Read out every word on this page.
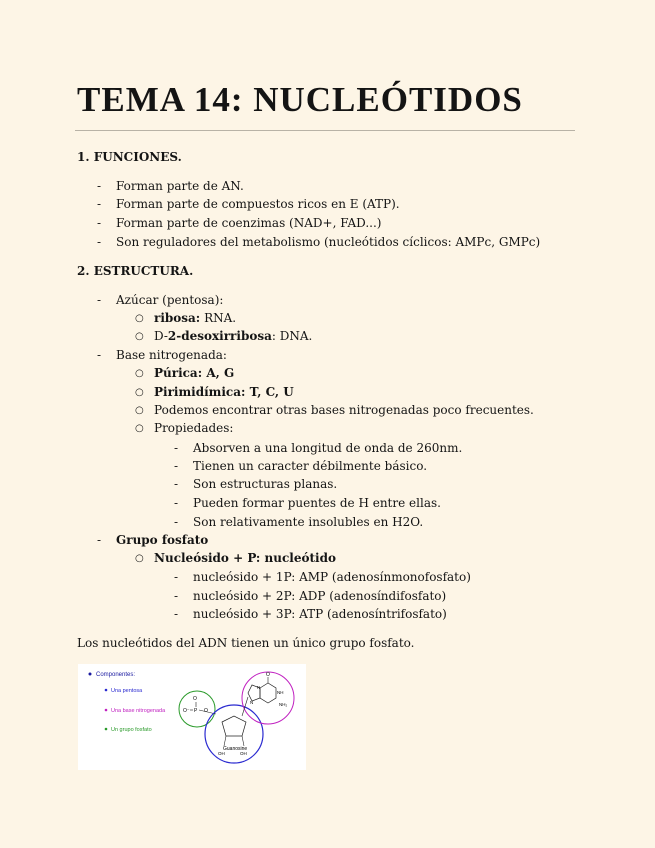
TEMA 14: NUCLEÓTIDOS
1. FUNCIONES.
- Forman parte de AN.
- Forman parte de compuestos ricos en E (ATP).
- Forman parte de coenzimas (NAD+, FAD...)
- Son reguladores del metabolismo (nucleótidos cíclicos: AMPc, GMPc)
2. ESTRUCTURA.
- Azúcar (pentosa):
○ ribosa: RNA.
○ D-2-desoxirribosa: DNA.
- Base nitrogenada:
○ Púrica: A, G
○ Pirimidímica: T, C, U
○ Podemos encontrar otras bases nitrogenadas poco frecuentes.
○ Propiedades:
- Absorven a una longitud de onda de 260nm.
- Tienen un caracter débilmente básico.
- Son estructuras planas.
- Pueden formar puentes de H entre ellas.
- Son relativamente insolubles en H2O.
- Grupo fosfato
○ Nucleósido + P: nucleótido
- nucleósido + 1P: AMP (adenosínmonofosfato)
- nucleósido + 2P: ADP (adenosíndifosfato)
- nucleósido + 3P: ATP (adenosíntrifosfato)
Los nucleótidos del ADN tienen un único grupo fosfato.
Componentes:
Una pentosa
Una base nitrogenada
Un grupo fosfato
O
O⁻ P O
OH	OH
Guanosine
O
NH
NH₂
N
N
